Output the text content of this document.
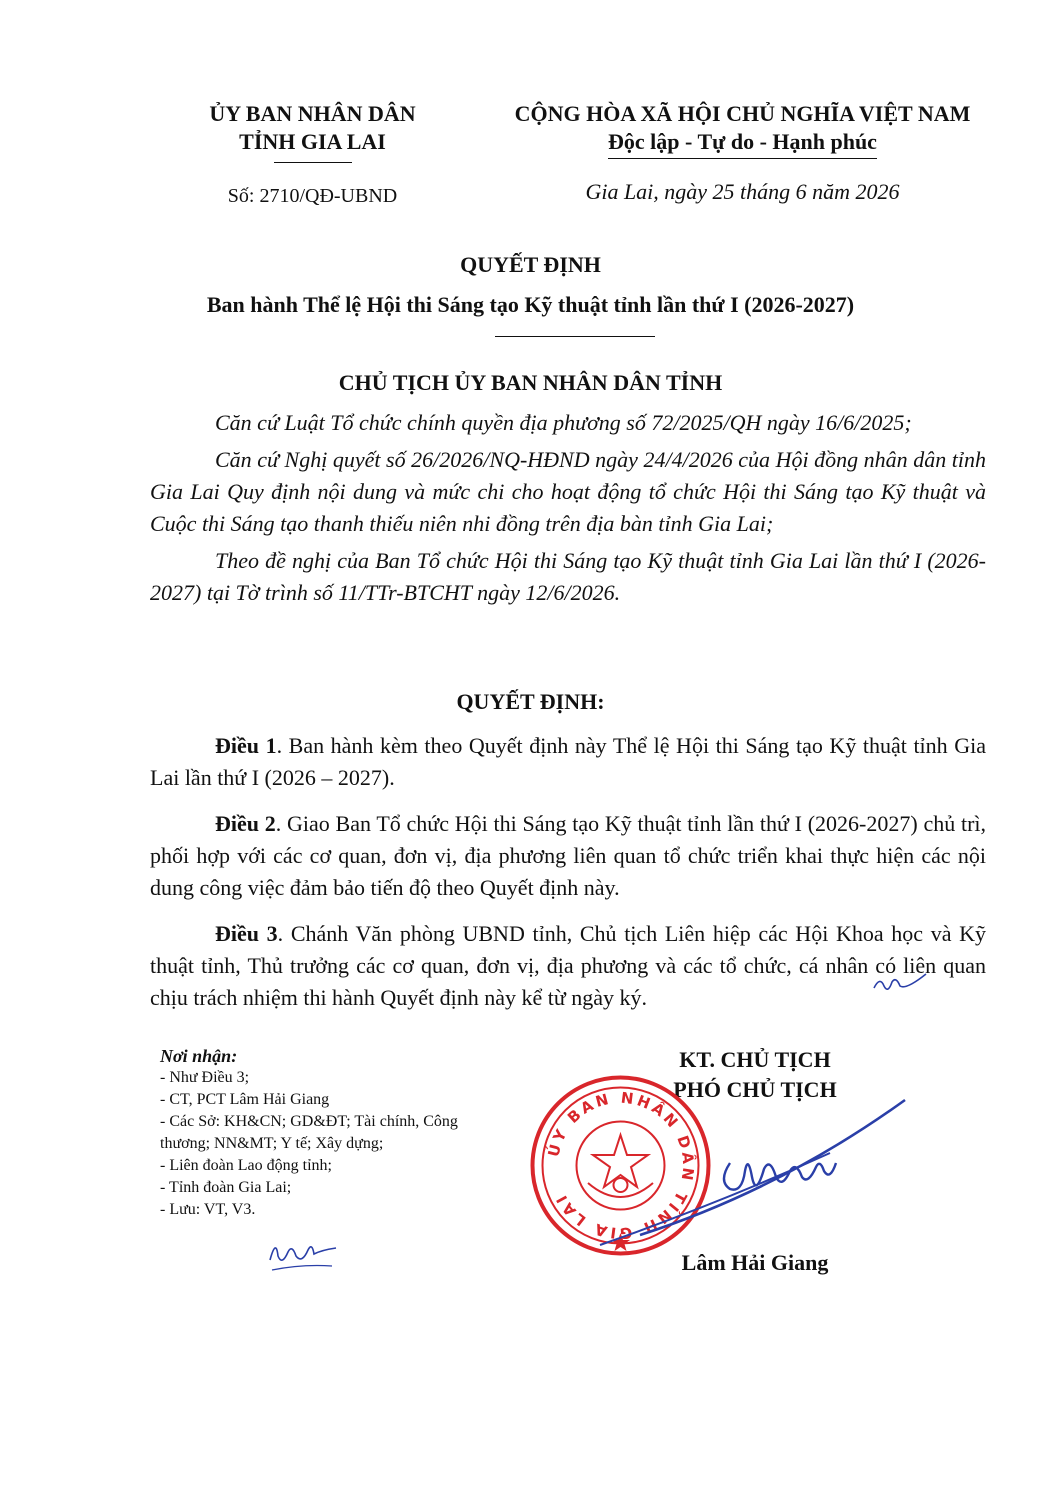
ỦY BAN NHÂN DÂN
TỈNH GIA LAI
Số: 2710/QĐ-UBND
CỘNG HÒA XÃ HỘI CHỦ NGHĨA VIỆT NAM
Độc lập - Tự do - Hạnh phúc
Gia Lai, ngày 25 tháng 6 năm 2026
QUYẾT ĐỊNH
Ban hành Thể lệ Hội thi Sáng tạo Kỹ thuật tỉnh lần thứ I (2026-2027)
CHỦ TỊCH ỦY BAN NHÂN DÂN TỈNH

Căn cứ Luật Tổ chức chính quyền địa phương số 72/2025/QH ngày 16/6/2025;

Căn cứ Nghị quyết số 26/2026/NQ-HĐND ngày 24/4/2026 của Hội đồng nhân dân tỉnh Gia Lai Quy định nội dung và mức chi cho hoạt động tổ chức Hội thi Sáng tạo Kỹ thuật và Cuộc thi Sáng tạo thanh thiếu niên nhi đồng trên địa bàn tỉnh Gia Lai;

Theo đề nghị của Ban Tổ chức Hội thi Sáng tạo Kỹ thuật tỉnh Gia Lai lần thứ I (2026-2027) tại Tờ trình số 11/TTr-BTCHT ngày 12/6/2026.

QUYẾT ĐỊNH:

Điều 1. Ban hành kèm theo Quyết định này Thể lệ Hội thi Sáng tạo Kỹ thuật tỉnh Gia Lai lần thứ I (2026 – 2027).

Điều 2. Giao Ban Tổ chức Hội thi Sáng tạo Kỹ thuật tỉnh lần thứ I (2026-2027) chủ trì, phối hợp với các cơ quan, đơn vị, địa phương liên quan tổ chức triển khai thực hiện các nội dung công việc đảm bảo tiến độ theo Quyết định này.

Điều 3. Chánh Văn phòng UBND tỉnh, Chủ tịch Liên hiệp các Hội Khoa học và Kỹ thuật tỉnh, Thủ trưởng các cơ quan, đơn vị, địa phương và các tổ chức, cá nhân có liên quan chịu trách nhiệm thi hành Quyết định này kể từ ngày ký.

Nơi nhận:
- Như Điều 3;
- CT, PCT Lâm Hải Giang
- Các Sở: KH&CN; GD&ĐT; Tài chính, Công thương; NN&MT; Y tế; Xây dựng;
- Liên đoàn Lao động tỉnh;
- Tỉnh đoàn Gia Lai;
- Lưu: VT, V3.
KT. CHỦ TỊCH
PHÓ CHỦ TỊCH
ỦY BAN NHÂN DÂN TỈNH GIA LAI
Lâm Hải Giang
